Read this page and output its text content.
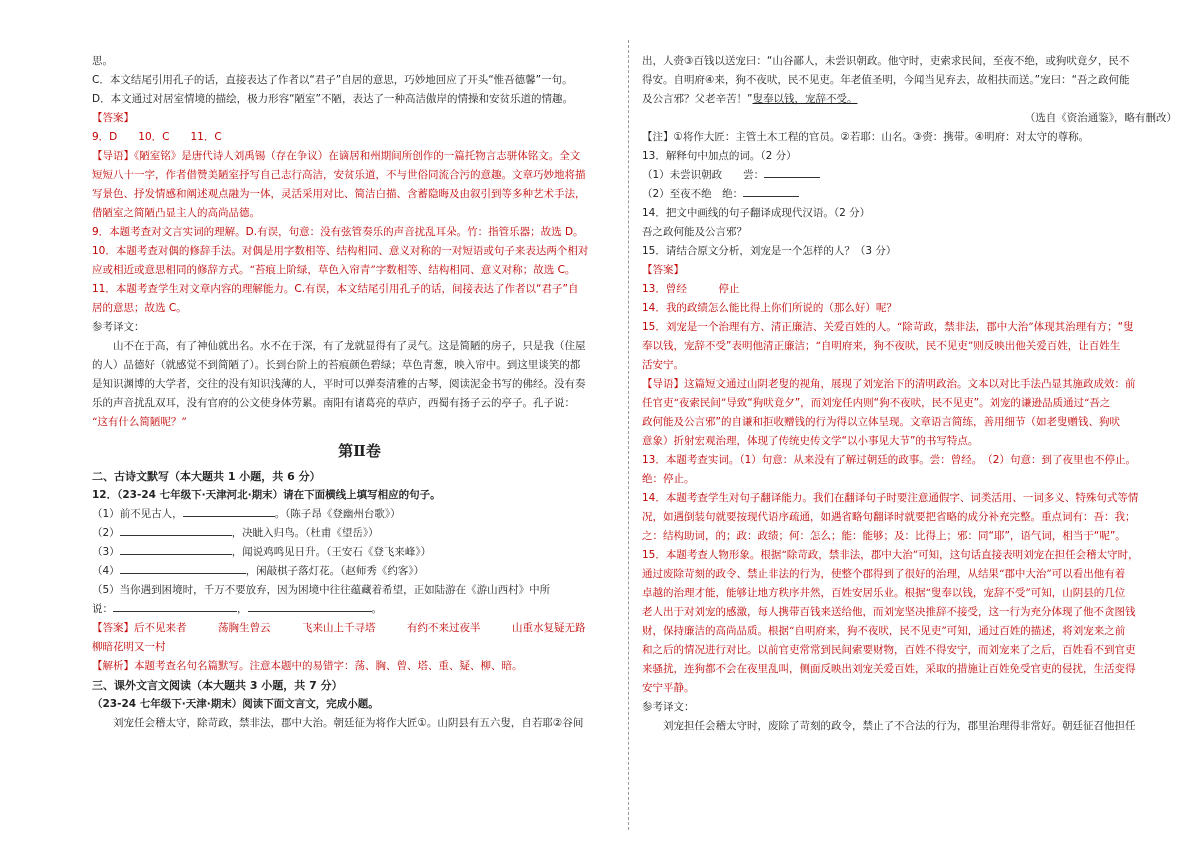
思。

C．本文结尾引用孔子的话，直接表达了作者以“君子”自居的意思，巧妙地回应了开头“惟吾德馨”一句。

D．本文通过对居室情境的描绘，极力形容“陋室”不陋，表达了一种高洁傲岸的情操和安贫乐道的情趣。

【答案】

9．D　　10．C　　11．C

【导语】《陋室铭》是唐代诗人刘禹锡（存在争议）在谪居和州期间所创作的一篇托物言志骈体铭文。全文

短短八十一字，作者借赞美陋室抒写自己志行高洁，安贫乐道，不与世俗同流合污的意趣。文章巧妙地将描

写景色、抒发情感和阐述观点融为一体，灵活采用对比、简洁白描、含蓄隐晦及由叙引到等多种艺术手法，

借陋室之简陋凸显主人的高尚品德。

9．本题考查对文言实词的理解。D.有误，句意：没有弦管奏乐的声音扰乱耳朵。竹：指管乐器；故选 D。

10．本题考查对偶的修辞手法。对偶是用字数相等、结构相同、意义对称的一对短语或句子来表达两个相对

应或相近或意思相同的修辞方式。“苔痕上阶绿，草色入帘青”字数相等、结构相同、意义对称；故选 C。

11．本题考查学生对文章内容的理解能力。C.有误，本文结尾引用孔子的话，间接表达了作者以“君子”自

居的意思；故选 C。

参考译文：

山不在于高，有了神仙就出名。水不在于深，有了龙就显得有了灵气。这是简陋的房子，只是我（住屋

的人）品德好（就感觉不到简陋了）。长到台阶上的苔痕颜色碧绿；草色青葱，映入帘中。到这里谈笑的都

是知识渊博的大学者，交往的没有知识浅薄的人，平时可以弹奏清雅的古琴，阅读泥金书写的佛经。没有奏

乐的声音扰乱双耳，没有官府的公文使身体劳累。南阳有诸葛亮的草庐，西蜀有扬子云的亭子。孔子说：

“这有什么简陋呢？”

第Ⅱ卷

二、古诗文默写（本大题共 1 小题，共 6 分）

12．（23-24 七年级下·天津河北·期末）请在下面横线上填写相应的句子。

（1）前不见古人，	。（陈子昂《登幽州台歌》）

（2）	，决眦入归鸟。（杜甫《望岳》）

（3）	，闻说鸡鸣见日升。（王安石《登飞来峰》）

（4）	，闲敲棋子落灯花。（赵师秀《约客》）

（5）当你遇到困境时，千万不要放弃，因为困境中往往蕴藏着希望，正如陆游在《游山西村》中所

说：	，	。

【答案】后不见来者　　　荡胸生曾云　　　飞来山上千寻塔　　　有约不来过夜半　　　山重水复疑无路

柳暗花明又一村

【解析】本题考查名句名篇默写。注意本题中的易错字：荡、胸、曾、塔、重、疑、柳、暗。

三、课外文言文阅读（本大题共 3 小题，共 7 分）

（23-24 七年级下·天津·期末）阅读下面文言文，完成小题。

刘宠任会稽太守，除苛政，禁非法，郡中大治。朝廷征为将作大匠①。山阴县有五六叟，自若耶②谷间

出，人赍③百钱以送宠曰：“山谷鄙人，未尝识朝政。他守时，吏索求民间，至夜不绝，或狗吠竟夕，民不

得安。自明府④来，狗不夜吠，民不见吏。年老值圣明，今闻当见弃去，故相扶而送。”宠曰：“吾之政何能

及公言邪？父老辛苦！”叟奉以钱，宠辞不受。

（选自《资治通鉴》，略有删改）

【注】①将作大匠：主管土木工程的官员。②若耶：山名。③赍：携带。④明府：对太守的尊称。

13．解释句中加点的词。（2 分）

（1）未尝识朝政　　尝：

（2）至夜不绝　绝：

14．把文中画线的句子翻译成现代汉语。（2 分）

吾之政何能及公言邪？

15．请结合原文分析，刘宠是一个怎样的人？（3 分）

【答案】

13．曾经　　　停止

14．我的政绩怎么能比得上你们所说的（那么好）呢？

15．刘宠是一个治理有方、清正廉洁、关爱百姓的人。“除苛政，禁非法，郡中大治”体现其治理有方；“叟

奉以钱，宠辞不受”表明他清正廉洁；“自明府来，狗不夜吠，民不见吏”则反映出他关爱百姓，让百姓生

活安宁。

【导语】这篇短文通过山阴老叟的视角，展现了刘宠治下的清明政治。文本以对比手法凸显其施政成效：前

任官吏“夜索民间”导致“狗吠竟夕”，而刘宠任内则“狗不夜吠，民不见吏”。刘宠的谦逊品质通过“吾之

政何能及公言邪”的自谦和拒收赠钱的行为得以立体呈现。文章语言简练，善用细节（如老叟赠钱、狗吠

意象）折射宏观治理，体现了传统史传文学“以小事见大节”的书写特点。

13．本题考查实词。（1）句意：从来没有了解过朝廷的政事。尝：曾经。　（2）句意：到了夜里也不停止。

绝：停止。

14．本题考查学生对句子翻译能力。我们在翻译句子时要注意通假字、词类活用、一词多义、特殊句式等情

况，如遇倒装句就要按现代语序疏通，如遇省略句翻译时就要把省略的成分补充完整。重点词有：吾：我；

之：结构助词，的；政：政绩；何：怎么；能：能够；及：比得上；邪：同“耶”，语气词，相当于“呢”。

15．本题考查人物形象。根据“除苛政，禁非法，郡中大治”可知，这句话直接表明刘宠在担任会稽太守时，

通过废除苛刻的政令、禁止非法的行为，使整个郡得到了很好的治理，从结果“郡中大治”可以看出他有着

卓越的治理才能，能够让地方秩序井然，百姓安居乐业。根据“叟奉以钱，宠辞不受”可知，山阴县的几位

老人出于对刘宠的感激，每人携带百钱来送给他，而刘宠坚决推辞不接受，这一行为充分体现了他不贪图钱

财，保持廉洁的高尚品质。根据“自明府来，狗不夜吠，民不见吏”可知，通过百姓的描述，将刘宠来之前

和之后的情况进行对比。以前官吏常常到民间索要财物，百姓不得安宁，而刘宠来了之后，百姓看不到官吏

来骚扰，连狗都不会在夜里乱叫，侧面反映出刘宠关爱百姓，采取的措施让百姓免受官吏的侵扰，生活变得

安宁平静。

参考译文：

刘宠担任会稽太守时，废除了苛刻的政令，禁止了不合法的行为，郡里治理得非常好。朝廷征召他担任
